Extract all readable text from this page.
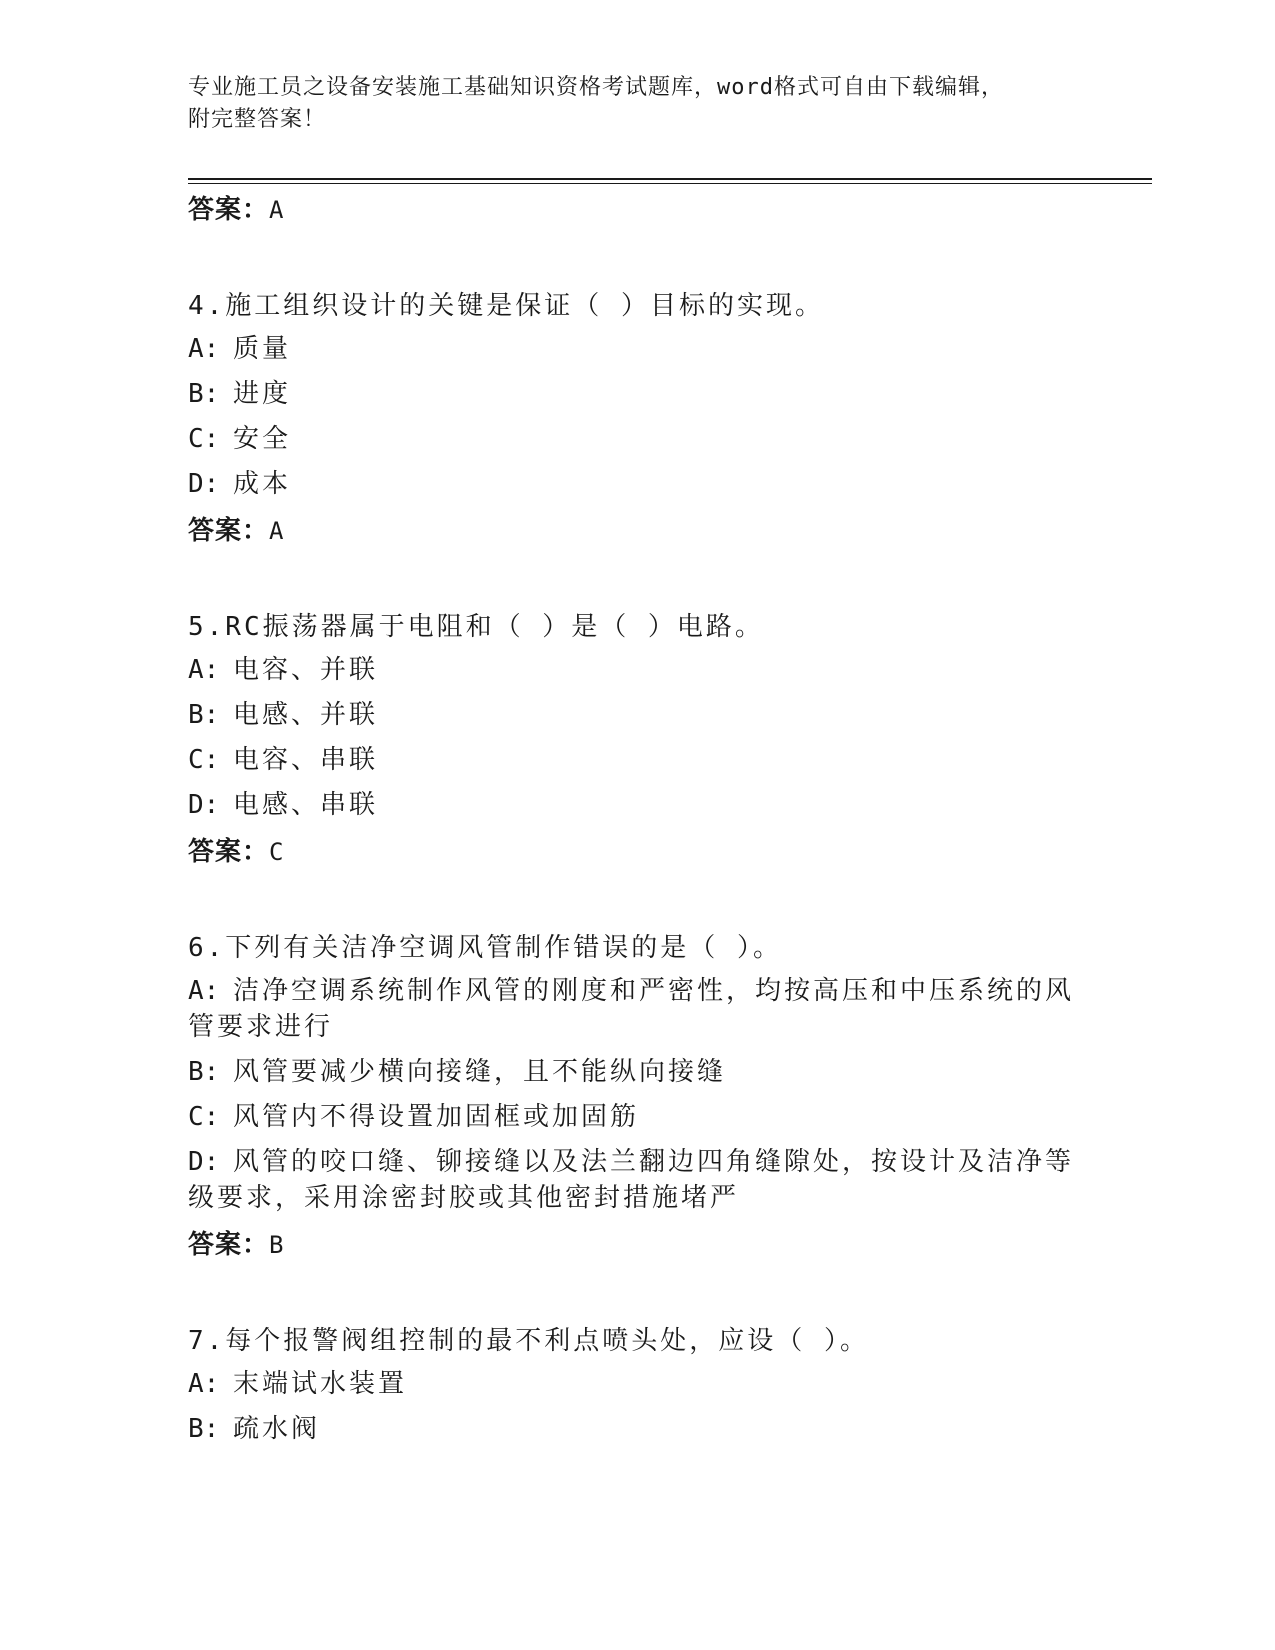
专业施工员之设备安装施工基础知识资格考试题库，word格式可自由下载编辑，
附完整答案！
答案：A
4.施工组织设计的关键是保证（ ）目标的实现。
A: 质量
B: 进度
C: 安全
D: 成本
答案：A
5.RC振荡器属于电阻和（ ）是（ ）电路。
A: 电容、并联
B: 电感、并联
C: 电容、串联
D: 电感、串联
答案：C
6.下列有关洁净空调风管制作错误的是（ ）。
A: 洁净空调系统制作风管的刚度和严密性，均按高压和中压系统的风管要求进行
B: 风管要减少横向接缝，且不能纵向接缝
C: 风管内不得设置加固框或加固筋
D: 风管的咬口缝、铆接缝以及法兰翻边四角缝隙处，按设计及洁净等级要求，采用涂密封胶或其他密封措施堵严
答案：B
7.每个报警阀组控制的最不利点喷头处，应设（ ）。
A: 末端试水装置
B: 疏水阀
